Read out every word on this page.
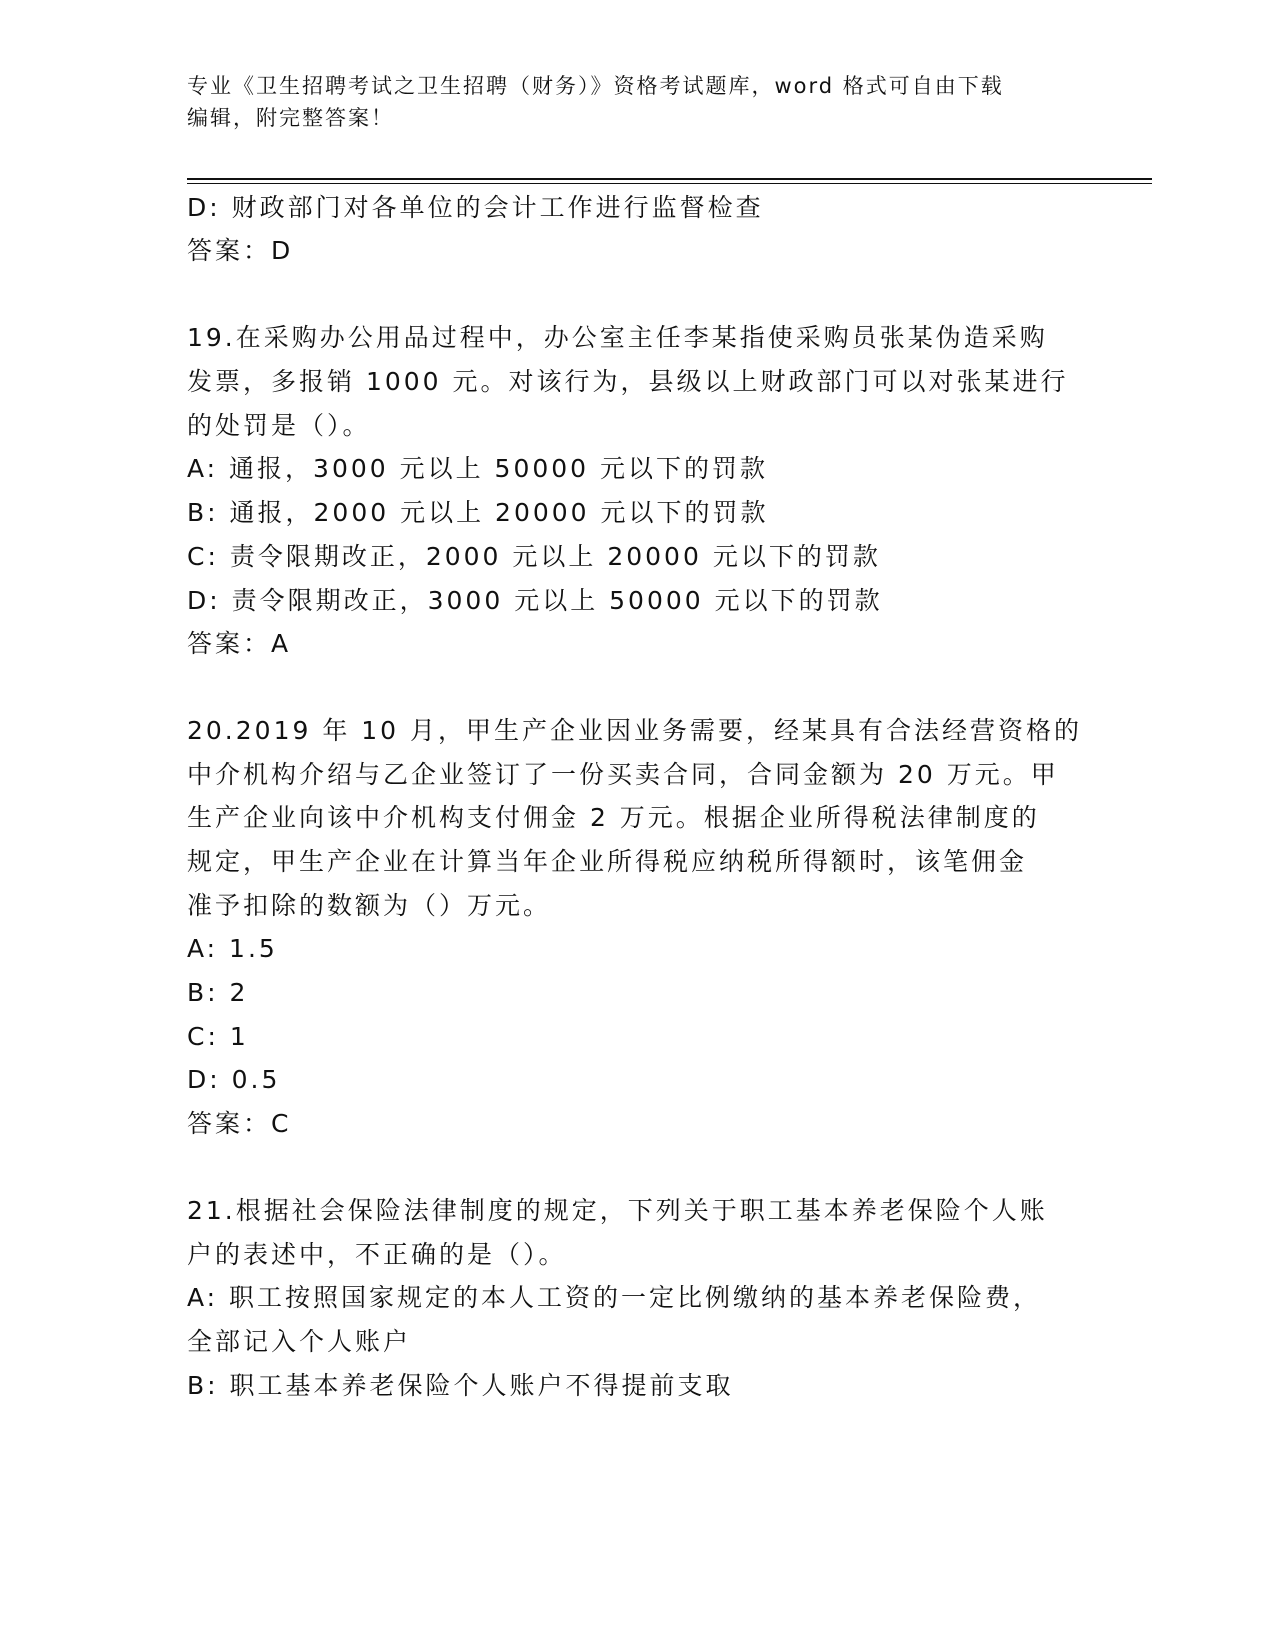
专业《卫生招聘考试之卫生招聘（财务）》资格考试题库，word 格式可自由下载
编辑，附完整答案！
D: 财政部门对各单位的会计工作进行监督检查
答案：D
19.在采购办公用品过程中，办公室主任李某指使采购员张某伪造采购
发票，多报销 1000 元。对该行为，县级以上财政部门可以对张某进行
的处罚是（）。
A: 通报，3000 元以上 50000 元以下的罚款
B: 通报，2000 元以上 20000 元以下的罚款
C: 责令限期改正，2000 元以上 20000 元以下的罚款
D: 责令限期改正，3000 元以上 50000 元以下的罚款
答案：A
20.2019 年 10 月，甲生产企业因业务需要，经某具有合法经营资格的
中介机构介绍与乙企业签订了一份买卖合同，合同金额为 20 万元。甲
生产企业向该中介机构支付佣金 2 万元。根据企业所得税法律制度的
规定，甲生产企业在计算当年企业所得税应纳税所得额时，该笔佣金
准予扣除的数额为（）万元。
A: 1.5
B: 2
C: 1
D: 0.5
答案：C
21.根据社会保险法律制度的规定，下列关于职工基本养老保险个人账
户的表述中，不正确的是（）。
A: 职工按照国家规定的本人工资的一定比例缴纳的基本养老保险费，
全部记入个人账户
B: 职工基本养老保险个人账户不得提前支取
